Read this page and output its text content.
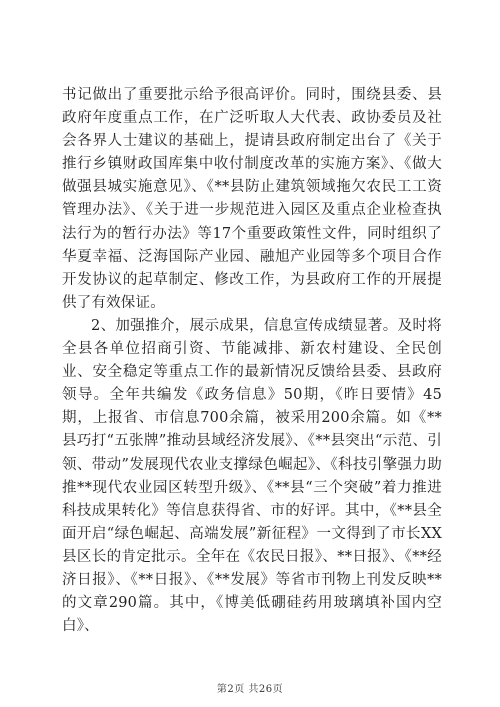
书记做出了重要批示给予很高评价。同时，围绕县委、县政府年度重点工作，在广泛听取人大代表、政协委员及社会各界人士建议的基础上，提请县政府制定出台了《关于推行乡镇财政国库集中收付制度改革的实施方案》、《做大做强县城实施意见》、《**县防止建筑领域拖欠农民工工资管理办法》、《关于进一步规范进入园区及重点企业检查执法行为的暂行办法》等17个重要政策性文件，同时组织了华夏幸福、泛海国际产业园、融旭产业园等多个项目合作开发协议的起草制定、修改工作，为县政府工作的开展提供了有效保证。

2、加强推介，展示成果，信息宣传成绩显著。及时将全县各单位招商引资、节能减排、新农村建设、全民创业、安全稳定等重点工作的最新情况反馈给县委、县政府领导。全年共编发《政务信息》50期，《昨日要情》45期，上报省、市信息700余篇，被采用200余篇。如《**县巧打“五张牌”推动县域经济发展》、《**县突出“示范、引领、带动”发展现代农业支撑绿色崛起》、《科技引擎强力助推**现代农业园区转型升级》、《**县“三个突破”着力推进科技成果转化》等信息获得省、市的好评。其中，《**县全面开启“绿色崛起、高端发展”新征程》一文得到了市长XX县区长的肯定批示。全年在《农民日报》、**日报》、《**经济日报》、《**日报》、《**发展》等省市刊物上刊发反映**的文章290篇。其中，《博美低硼硅药用玻璃填补国内空白》、

第2页 共26页
